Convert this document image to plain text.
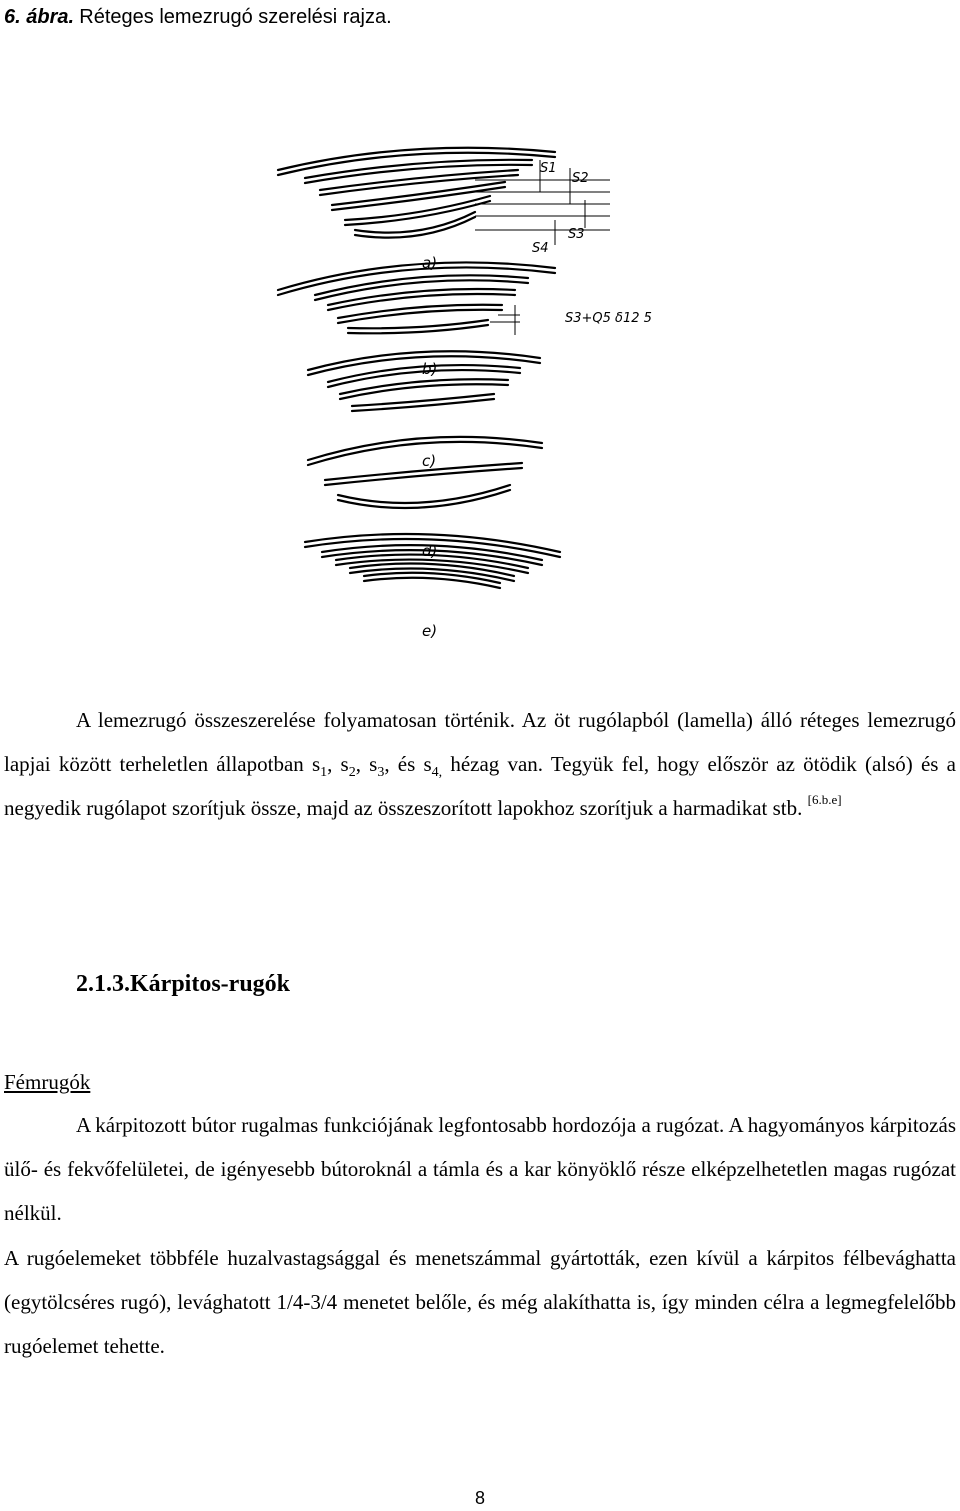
6. ábra. Réteges lemezrugó szerelési rajza.
S1
S2
S3
S4
S3+Q5 δ12 5
a)
b)
c)
d)
e)
A lemezrugó összeszerelése folyamatosan történik. Az öt rugólapból (lamella) álló réteges lemezrugó lapjai között terheletlen állapotban $s_1$, $s_2$, $s_3$, és $s_{4,}$ hézag van. Tegyük fel, hogy először az ötödik (alsó) és a negyedik rugólapot szorítjuk össze, majd az összeszorított lapokhoz szorítjuk a harmadikat stb. [6.b.e]
2.1.3.Kárpitos-rugók
Fémrugók
A kárpitozott bútor rugalmas funkciójának legfontosabb hordozója a rugózat. A hagyományos kárpitozás ülő- és fekvőfelületei, de igényesebb bútoroknál a támla és a kar könyöklő része elképzelhetetlen magas rugózat nélkül.
A rugóelemeket többféle huzalvastagsággal és menetszámmal gyártották, ezen kívül a kárpitos félbevághatta (egytölcséres rugó), levághatott 1/4-3/4 menetet belőle, és még alakíthatta is, így minden célra a legmegfelelőbb rugóelemet tehette.
8
